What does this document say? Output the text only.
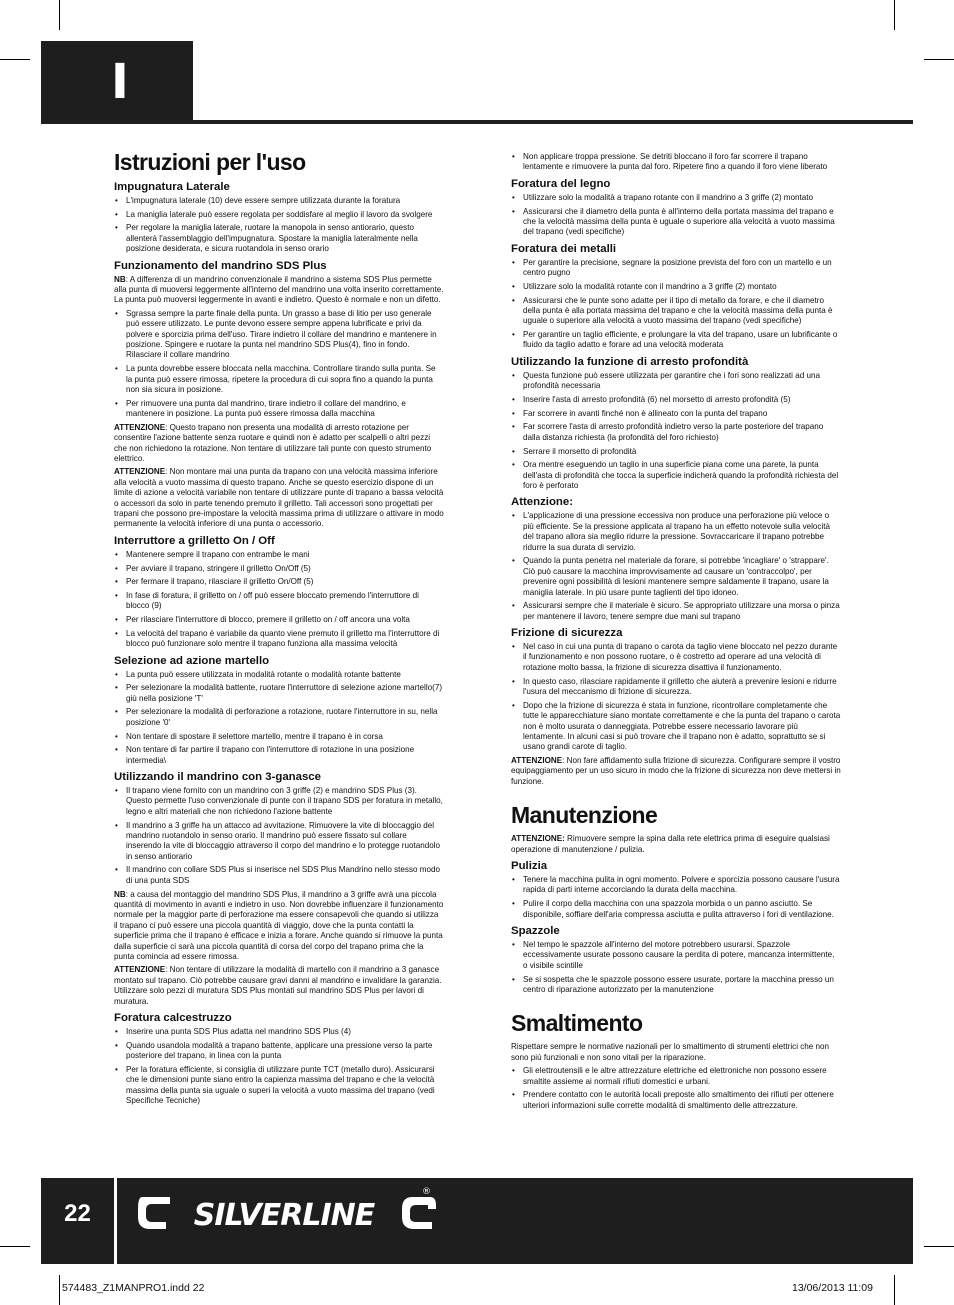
I
Istruzioni per l'uso
Impugnatura Laterale
• L'impugnatura laterale (10) deve essere sempre utilizzata durante la foratura
• La maniglia laterale può essere regolata per soddisfare al meglio il lavoro da svolgere
• Per regolare la maniglia laterale, ruotare la manopola in senso antiorario, questo allenterà l'assemblaggio dell'impugnatura. Spostare la maniglia lateralmente nella posizione desiderata, e sicura ruotandola in senso orario
Funzionamento del mandrino SDS Plus

NB: A differenza di un mandrino convenzionale il mandrino a sistema SDS Plus permette alla punta di muoversi leggermente all'interno del mandrino una volta inserito correttamente. La punta può muoversi leggermente in avanti e indietro. Questo è normale e non un difetto.

• Sgrassa sempre la parte finale della punta. Un grasso a base di litio per uso generale può essere utilizzato. Le punte devono essere sempre appena lubrificate e privi da polvere e sporcizia prima dell'uso. Tirare indietro il collare del mandrino e mantenere in posizione. Spingere e ruotare la punta nel mandrino SDS Plus(4), fino in fondo. Rilasciare il collare mandrino
• La punta dovrebbe essere bloccata nella macchina. Controllare tirando sulla punta. Se la punta può essere rimossa, ripetere la procedura di cui sopra fino a quando la punta non sia sicura in posizione.
• Per rimuovere una punta dal mandrino, tirare indietro il collare del mandrino, e mantenere in posizione. La punta può essere rimossa dalla macchina

ATTENZIONE: Questo trapano non presenta una modalità di arresto rotazione per consentire l'azione battente senza ruotare e quindi non è adatto per scalpelli o altri pezzi che non richiedono la rotazione. Non tentare di utilizzare tali punte con questo strumento elettrico.

ATTENZIONE: Non montare mai una punta da trapano con una velocità massima inferiore alla velocità a vuoto massima di questo trapano. Anche se questo esercizio dispone di un limite di azione a velocità variabile non tentare di utilizzare punte di trapano a bassa velocità o accessori da solo in parte tenendo premuto il grilletto. Tali accessori sono progettati per trapani che possono pre-impostare la velocità massima prima di utilizzare o attivare in modo permanente la velocità inferiore di una punta o accessorio.

Interruttore a grilletto On / Off
• Mantenere sempre il trapano con entrambe le mani
• Per avviare il trapano, stringere il grilletto On/Off (5)
• Per fermare il trapano, rilasciare il grilletto On/Off (5)
• In fase di foratura, il grilletto on / off può essere bloccato premendo l'interruttore di blocco (9)
• Per rilasciare l'interruttore di blocco, premere il grilletto on / off ancora una volta
• La velocità del trapano è variabile da quanto viene premuto il grilletto ma l'interruttore di blocco può funzionare solo mentre il trapano funziona alla massima velocità
Selezione ad azione martello
• La punta può essere utilizzata in modalità rotante o modalità rotante battente
• Per selezionare la modalità battente, ruotare l'interruttore di selezione azione martello(7) giù nella posizione 'T'
• Per selezionare la modalità di perforazione a rotazione, ruotare l'interruttore in su, nella posizione '0'
• Non tentare di spostare il selettore martello, mentre il trapano è in corsa
• Non tentare di far partire il trapano con l'interruttore di rotazione in una posizione intermedia\
Utilizzando il mandrino con 3-ganasce
• Il trapano viene fornito con un mandrino con 3 griffe (2) e mandrino SDS Plus (3). Questo permette l'uso convenzionale di punte con il trapano SDS per foratura in metallo, legno e altri materiali che non richiedono l'azione battente
• Il mandrino a 3 griffe ha un attacco ad avvitazione. Rimuovere la vite di bloccaggio del mandrino ruotandolo in senso orario. Il mandrino può essere fissato sul collare inserendo la vite di bloccaggio attraverso il corpo del mandrino e lo protegge ruotandolo in senso antiorario
• Il mandrino con collare SDS Plus si inserisce nel SDS Plus Mandrino nello stesso modo di una punta SDS

NB: a causa del montaggio del mandrino SDS Plus, il mandrino a 3 griffe avrà una piccola quantità di movimento in avanti e indietro in uso. Non dovrebbe influenzare il funzionamento normale per la maggior parte di perforazione ma essere consapevoli che quando si utilizza il trapano ci può essere una piccola quantità di viaggio, dove che la punta contatti la superficie prima che il trapano è efficace e inizia a forare. Anche quando si rimuove la punta dalla superficie ci sarà una piccola quantità di corsa del corpo del trapano prima che la punta comincia ad essere rimossa.

ATTENZIONE: Non tentare di utilizzare la modalità di martello con il mandrino a 3 ganasce montato sul trapano. Ciò potrebbe causare gravi danni al mandrino e invalidare la garanzia. Utilizzare solo pezzi di muratura SDS Plus montati sul mandrino SDS Plus per lavori di muratura.

Foratura calcestruzzo
• Inserire una punta SDS Plus adatta nel mandrino SDS Plus (4)
• Quando usandola modalità a trapano battente, applicare una pressione verso la parte posteriore del trapano, in linea con la punta
• Per la foratura efficiente, si consiglia di utilizzare punte TCT (metallo duro). Assicurarsi che le dimensioni punte siano entro la capienza massima del trapano e che la velocità massima della punta sia uguale o superi la velocità a vuoto massima del trapano (vedi Specifiche Tecniche)
• Non applicare troppa pressione. Se detriti bloccano il foro far scorrere il trapano lentamente e rimuovere la punta dal foro. Ripetere fino a quando il foro viene liberato
Foratura del legno
• Utilizzare solo la modalità a trapano rotante con il mandrino a 3 griffe (2) montato
• Assicurarsi che il diametro della punta è all'interno della portata massima del trapano e che la velocità massima della punta è uguale o superiore alla velocità a vuoto massima del trapano (vedi specifiche)
Foratura dei metalli
• Per garantire la precisione, segnare la posizione prevista del foro con un martello e un centro pugno
• Utilizzare solo la modalità rotante con il mandrino a 3 griffe (2) montato
• Assicurarsi che le punte sono adatte per il tipo di metallo da forare, e che il diametro della punta è alla portata massima del trapano e che la velocità massima della punta è uguale o superiore alla velocità a vuoto massima del trapano (vedi specifiche)
• Per garantire un taglio efficiente, e prolungare la vita del trapano, usare un lubrificante o fluido da taglio adatto e forare ad una velocità moderata
Utilizzando la funzione di arresto profondità
• Questa funzione può essere utilizzata per garantire che i fori sono realizzati ad una profondità necessaria
• Inserire l'asta di arresto profondità (6) nel morsetto di arresto profondità (5)
• Far scorrere in avanti finché non è allineato con la punta del trapano
• Far scorrere l'asta di arresto profondità indietro verso la parte posteriore del trapano dalla distanza richiesta (la profondità del foro richiesto)
• Serrare il morsetto di profondità
• Ora mentre eseguendo un taglio in una superficie piana come una parete, la punta dell'asta di profondità che tocca la superficie indicherà quando la profondità richiesta del foro è perforato
Attenzione:
• L'applicazione di una pressione eccessiva non produce una perforazione più veloce o più efficiente. Se la pressione applicata al trapano ha un effetto notevole sulla velocità del trapano allora sia meglio ridurre la pressione. Sovraccaricare il trapano potrebbe ridurre la sua durata di servizio.
• Quando la punta penetra nel materiale da forare, si potrebbe 'incagliare' o 'strappare'. Ciò può causare la macchina improvvisamente ad causare un 'contraccolpo', per prevenire ogni possibilità di lesioni mantenere sempre saldamente il trapano, usare la maniglia laterale. In più usare punte taglienti del tipo idoneo.
• Assicurarsi sempre che il materiale è sicuro. Se appropriato utilizzare una morsa o pinza per mantenere il lavoro, tenere sempre due mani sul trapano
Frizione di sicurezza
• Nel caso in cui una punta di trapano o carota da taglio viene bloccato nel pezzo durante il funzionamento e non possono ruotare, o è costretto ad operare ad una velocità di rotazione molto bassa, la frizione di sicurezza disattiva il funzionamento.
• In questo caso, rilasciare rapidamente il grilletto che aiuterà a prevenire lesioni e ridurre l'usura del meccanismo di frizione di sicurezza.
• Dopo che la frizione di sicurezza è stata in funzione, ricontrollare completamente che tutte le apparecchiature siano montate correttamente e che la punta del trapano o carota non è molto usurata o danneggiata. Potrebbe essere necessario lavorare più lentamente. In alcuni casi si può trovare che il trapano non è adatto, soprattutto se si usano grandi carote di taglio.

ATTENZIONE: Non fare affidamento sulla frizione di sicurezza. Configurare sempre il vostro equipaggiamento per un uso sicuro in modo che la frizione di sicurezza non deve mettersi in funzione.

Manutenzione

ATTENZIONE: Rimuovere sempre la spina dalla rete elettrica prima di eseguire qualsiasi operazione di manutenzione / pulizia.

Pulizia
• Tenere la macchina pulita in ogni momento. Polvere e sporcizia possono causare l'usura rapida di parti interne accorciando la durata della macchina.
• Pulire il corpo della macchina con una spazzola morbida o un panno asciutto. Se disponibile, soffiare dell'aria compressa asciutta e pulita attraverso i fori di ventilazione.
Spazzole
• Nel tempo le spazzole all'interno del motore potrebbero usurarsi. Spazzole eccessivamente usurate possono causare la perdita di potere, mancanza intermittente, o visibile scintille
• Se si sospetta che le spazzole possono essere usurate, portare la macchina presso un centro di riparazione autorizzato per la manutenzione
Smaltimento

Rispettare sempre le normative nazionali per lo smaltimento di strumenti elettrici che non sono più funzionali e non sono vitali per la riparazione.

• Gli elettroutensili e le altre attrezzature elettriche ed elettroniche non possono essere smaltite assieme ai normali rifiuti domestici e urbani.
• Prendere contatto con le autorità locali preposte allo smaltimento dei rifiuti per ottenere ulteriori informazioni sulle corrette modalità di smaltimento delle attrezzature.
22	SILVERLINE
®
574483_Z1MANPRO1.indd 22	13/06/2013 11:09
